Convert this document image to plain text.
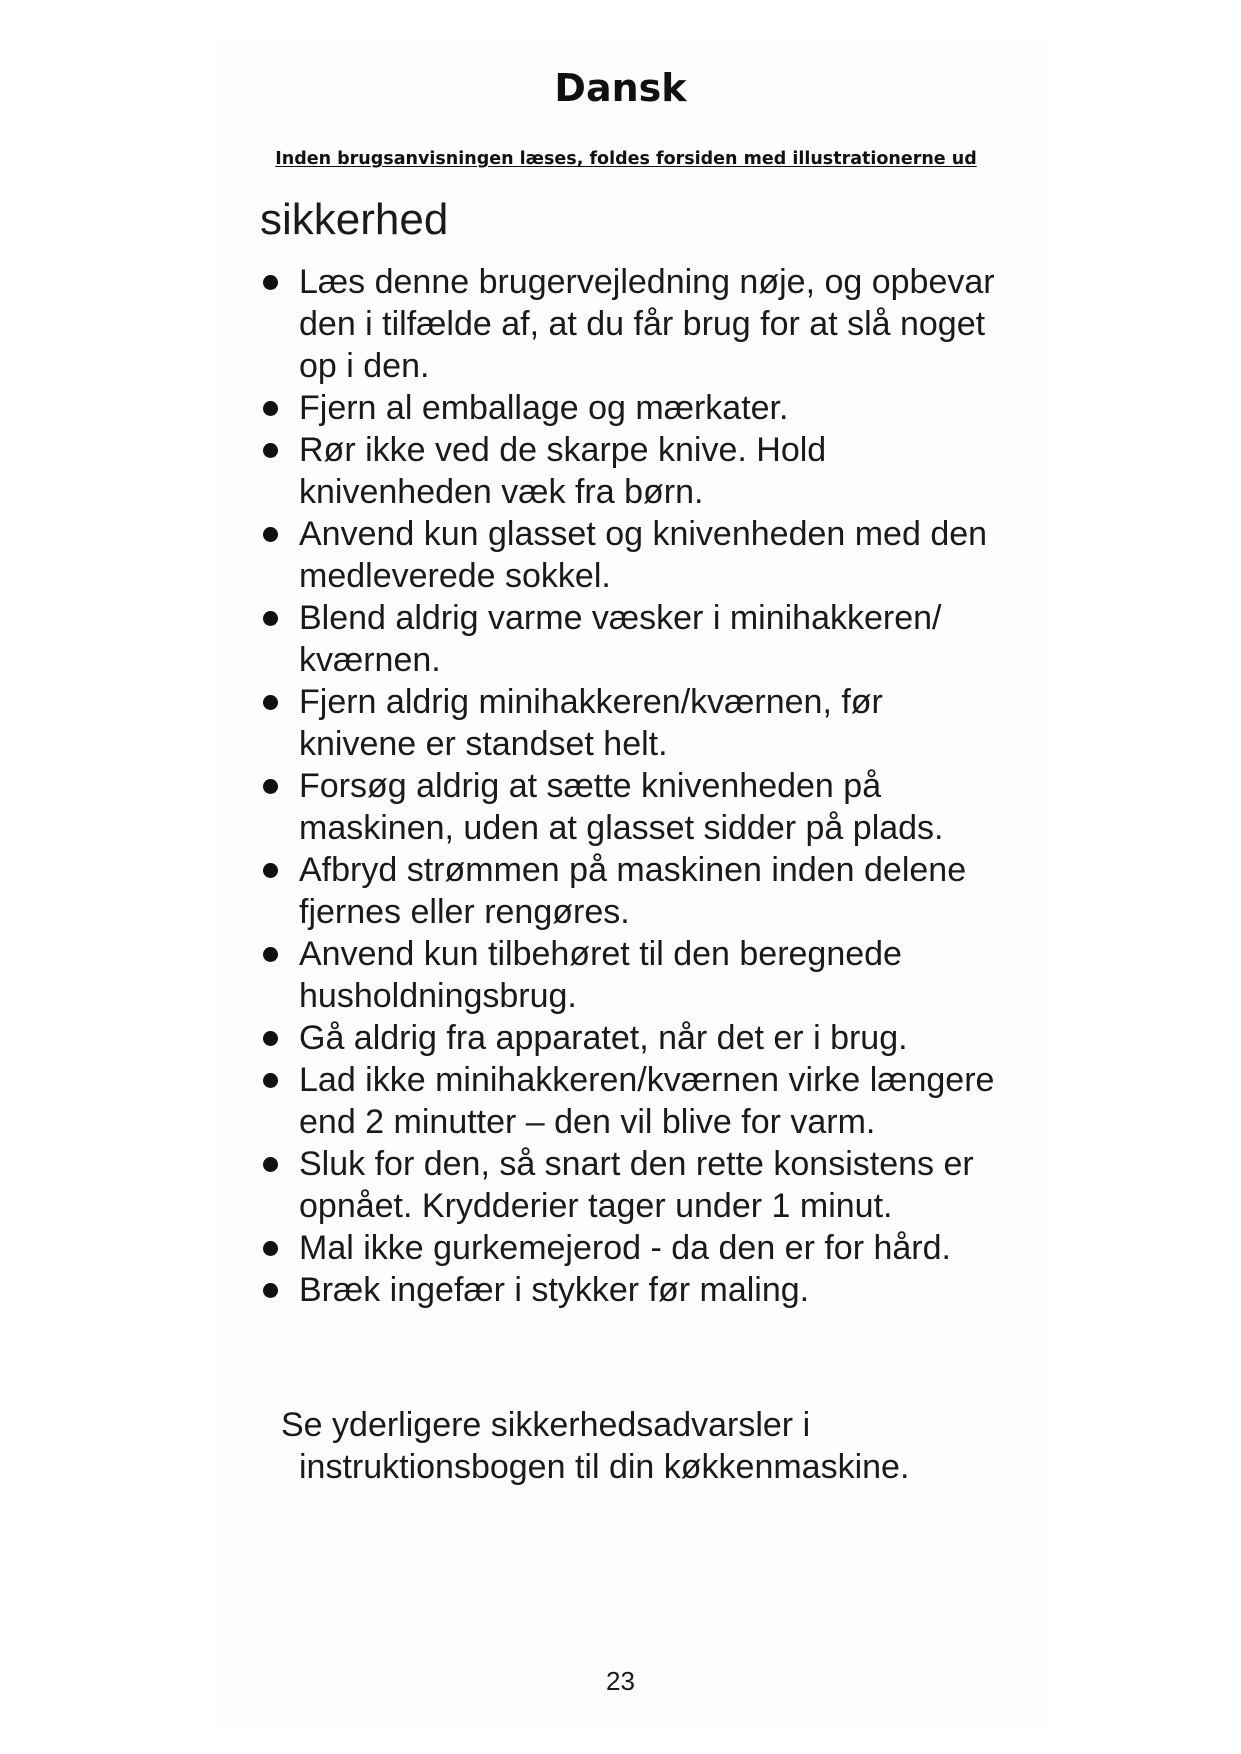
Dansk

Inden brugsanvisningen læses, foldes forsiden med illustrationerne ud

sikkerhed
Læs denne brugervejledning nøje, og opbevar den i tilfælde af, at du får brug for at slå noget op i den.
Fjern al emballage og mærkater.
Rør ikke ved de skarpe knive. Hold knivenheden væk fra børn.
Anvend kun glasset og knivenheden med den medleverede sokkel.
Blend aldrig varme væsker i minihakkeren/ kværnen.
Fjern aldrig minihakkeren/kværnen, før knivene er standset helt.
Forsøg aldrig at sætte knivenheden på maskinen, uden at glasset sidder på plads.
Afbryd strømmen på maskinen inden delene fjernes eller rengøres.
Anvend kun tilbehøret til den beregnede husholdningsbrug.
Gå aldrig fra apparatet, når det er i brug.
Lad ikke minihakkeren/kværnen virke længere end 2 minutter – den vil blive for varm.
Sluk for den, så snart den rette konsistens er opnået. Krydderier tager under 1 minut.
Mal ikke gurkemejerod - da den er for hård.
Bræk ingefær i stykker før maling.

Se yderligere sikkerhedsadvarsler i
instruktionsbogen til din køkkenmaskine.

23
